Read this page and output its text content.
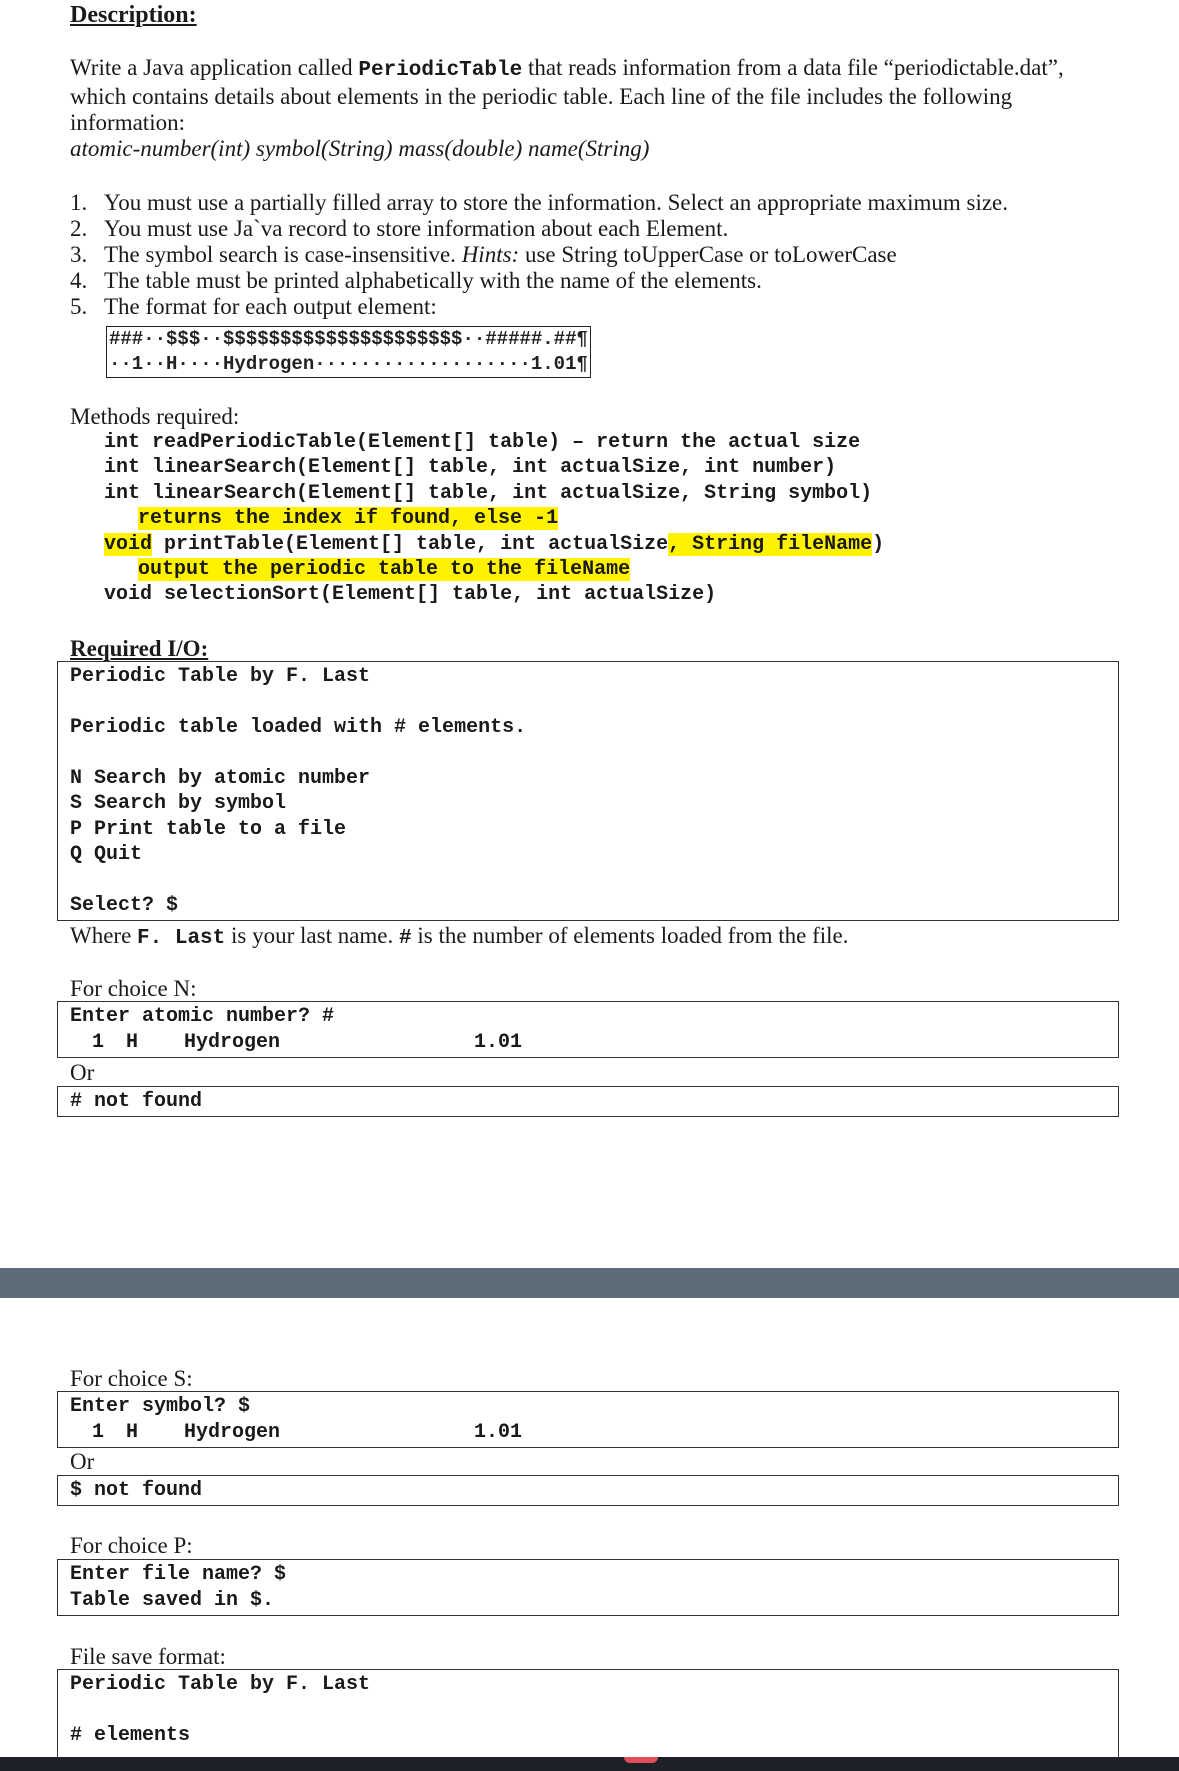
Description:
Write a Java application called PeriodicTable that reads information from a data file “periodictable.dat”,
which contains details about elements in the periodic table. Each line of the file includes the following
information:
atomic-number(int) symbol(String) mass(double) name(String)
1. You must use a partially filled array to store the information. Select an appropriate maximum size.
2. You must use Ja`va record to store information about each Element.
3. The symbol search is case-insensitive. Hints: use String toUpperCase or toLowerCase
4. The table must be printed alphabetically with the name of the elements.
5. The format for each output element:
###··$$$··$$$$$$$$$$$$$$$$$$$$$··#####.##¶
··1··H····Hydrogen···················1.01¶
Methods required:
int readPeriodicTable(Element[] table) – return the actual size
int linearSearch(Element[] table, int actualSize, int number)
int linearSearch(Element[] table, int actualSize, String symbol)
returns the index if found, else -1
void printTable(Element[] table, int actualSize, String fileName)
output the periodic table to the fileName
void selectionSort(Element[] table, int actualSize)
Required I/O:
Periodic Table by F. Last
Periodic table loaded with # elements.
N Search by atomic number
S Search by symbol
P Print table to a file
Q Quit
Select? $
Where F. Last is your last name. # is the number of elements loaded from the file.
For choice N:
Enter atomic number? #
1 H Hydrogen	1.01
Or
# not found
For choice S:
Enter symbol? $
1 H Hydrogen	1.01
Or
$ not found
For choice P:
Enter file name? $
Table saved in $.
File save format:
Periodic Table by F. Last
# elements
